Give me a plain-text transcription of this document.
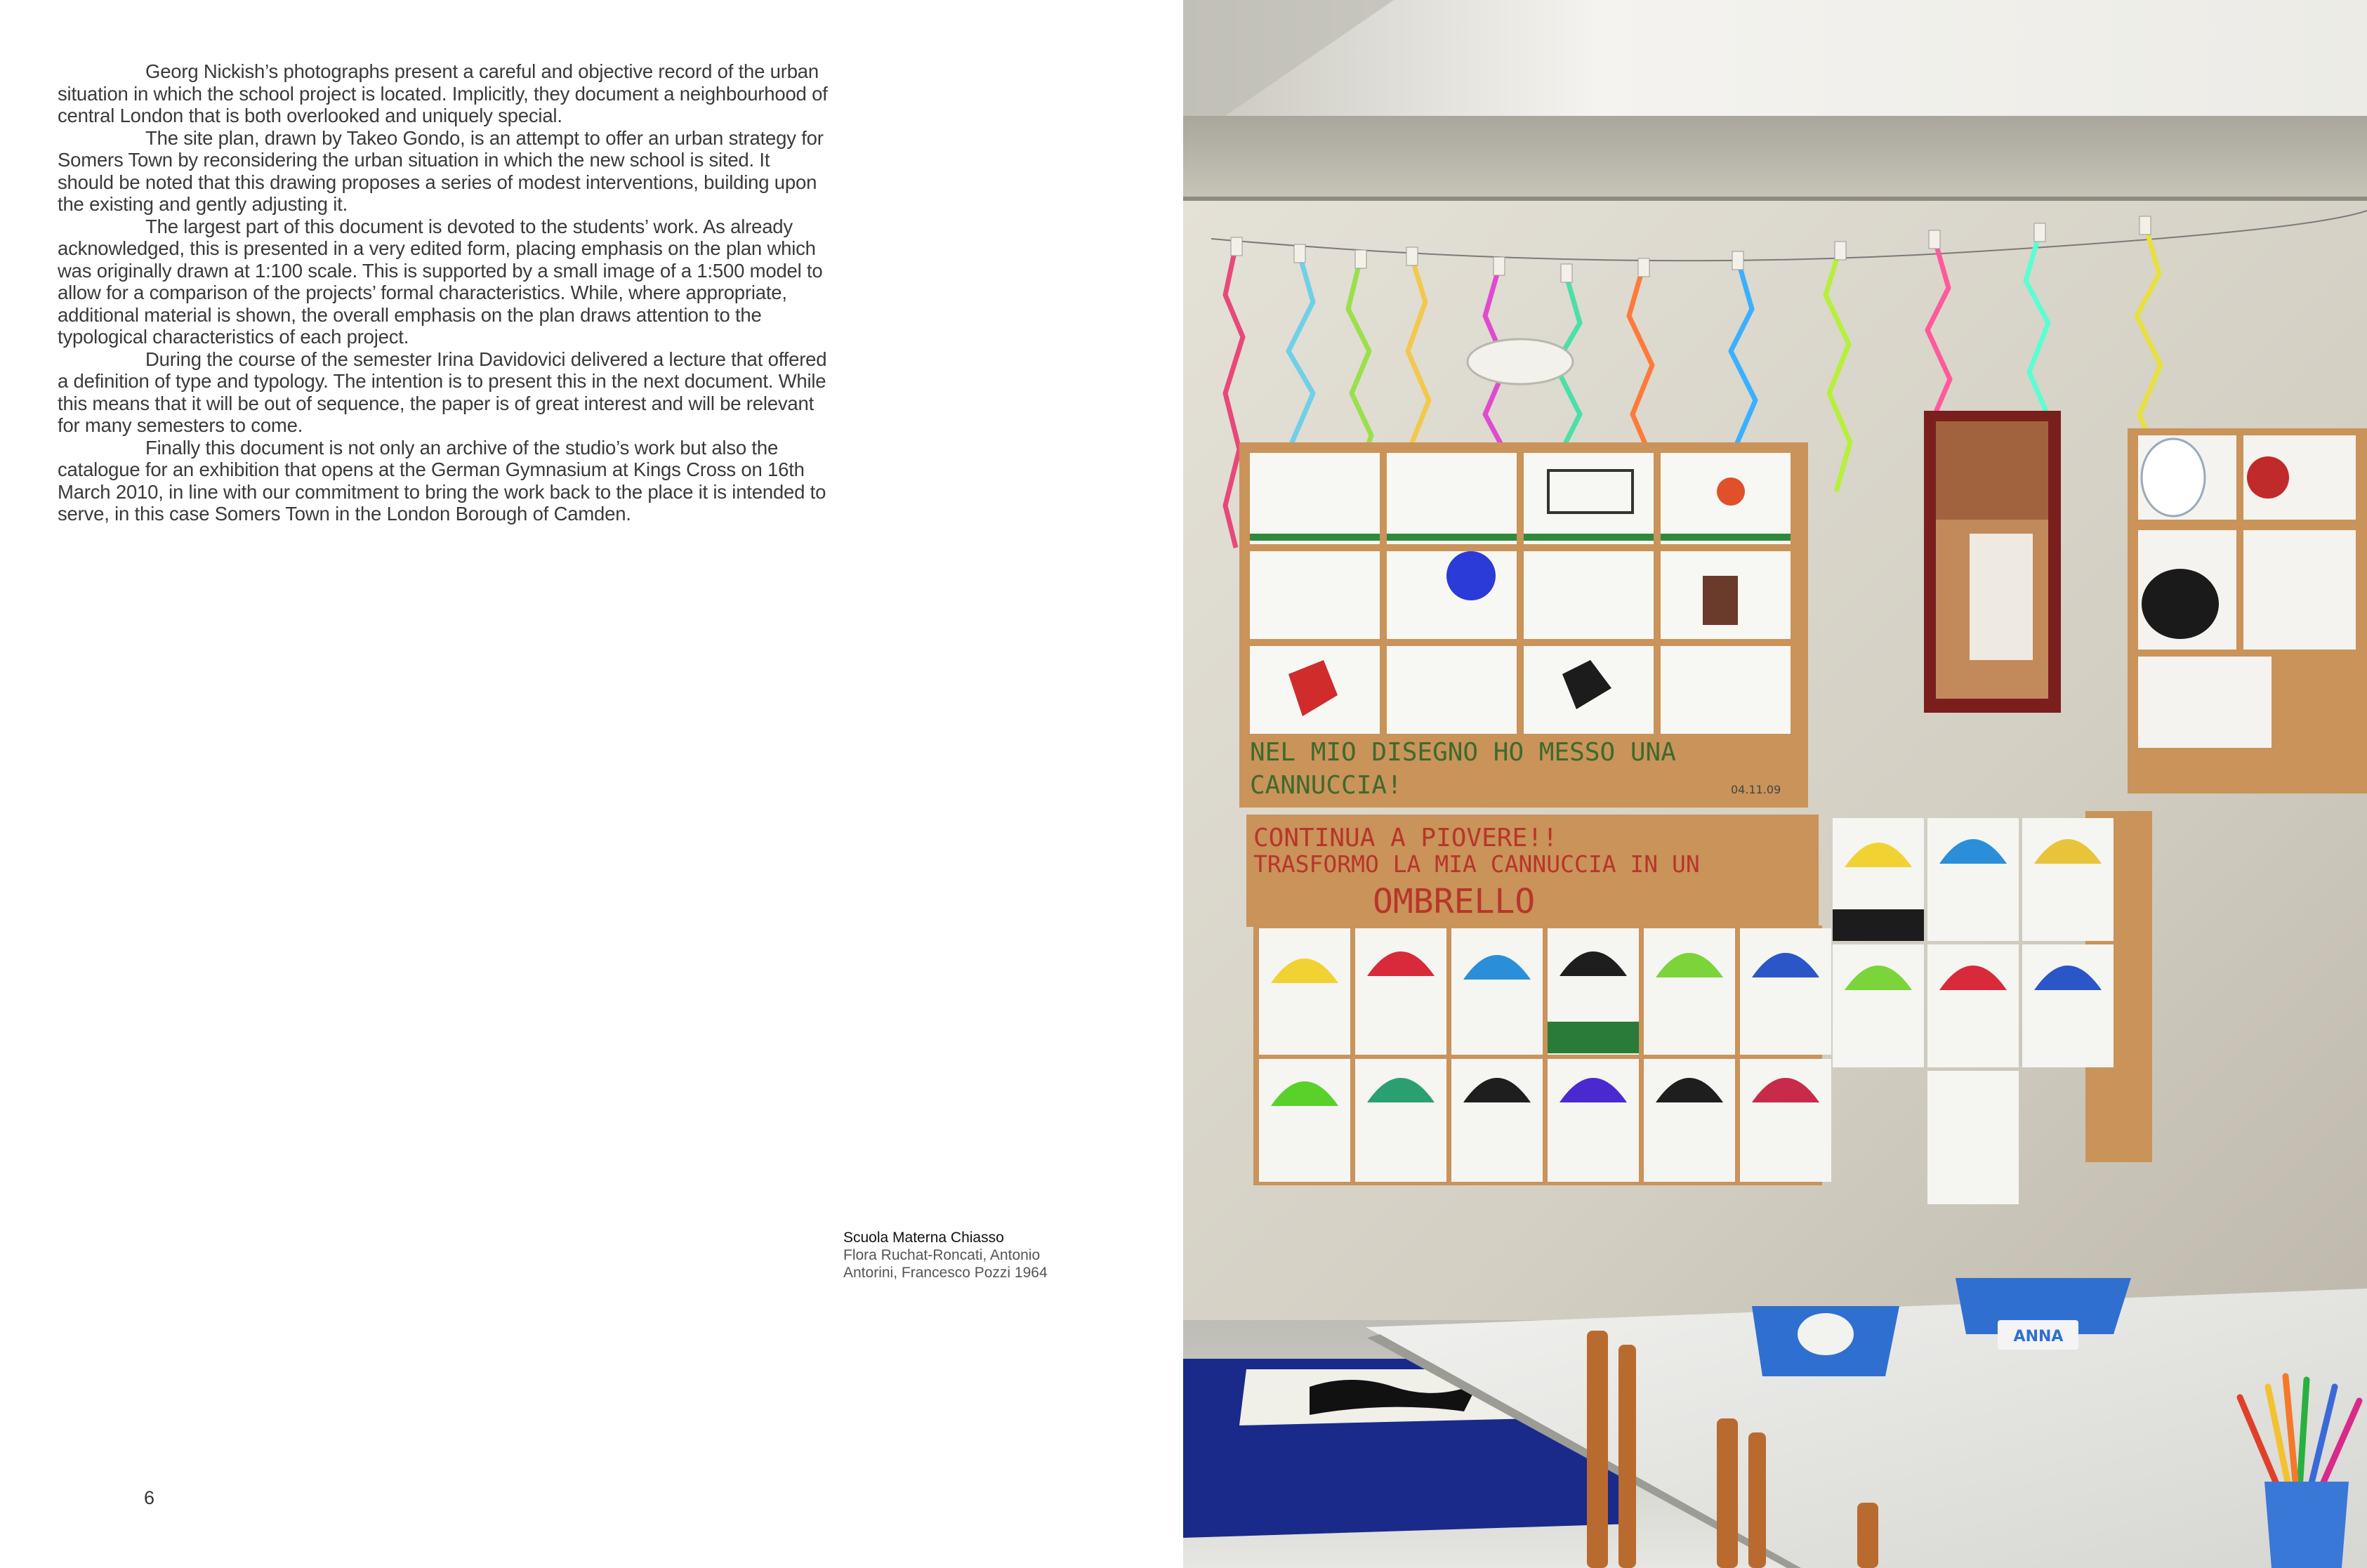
Georg Nickish’s photographs present a careful and objective record of the urban situation in which the school project is located. Implicitly, they document a neighbourhood of central London that is both overlooked and uniquely special.

The site plan, drawn by Takeo Gondo, is an attempt to offer an urban strategy for Somers Town by reconsidering the urban situation in which the new school is sited. It should be noted that this drawing proposes a series of modest interventions, building upon the existing and gently adjusting it.

The largest part of this document is devoted to the students’ work. As already acknowledged, this is presented in a very edited form, placing emphasis on the plan which was originally drawn at 1:100 scale. This is supported by a small image of a 1:500 model to allow for a comparison of the projects’ formal characteristics. While, where appropriate, additional material is shown, the overall emphasis on the plan draws attention to the typological characteristics of each project.

During the course of the semester Irina Davidovici delivered a lecture that offered a definition of type and typology. The intention is to present this in the next document. While this means that it will be out of sequence, the paper is of great interest and will be relevant for many semesters to come.

Finally this document is not only an archive of the studio’s work but also the catalogue for an exhibition that opens at the German Gymnasium at Kings Cross on 16th March 2010, in line with our commitment to bring the work back to the place it is intended to serve, in this case Somers Town in the London Borough of Camden.

Scuola Materna Chiasso
Flora Ruchat-Roncati, Antonio
Antorini, Francesco Pozzi 1964
6
NEL MIO DISEGNO HO MESSO UNA
CANNUCCIA!	04.11.09
CONTINUA A PIOVERE!!
TRASFORMO LA MIA CANNUCCIA IN UN
OMBRELLO
ANNA
